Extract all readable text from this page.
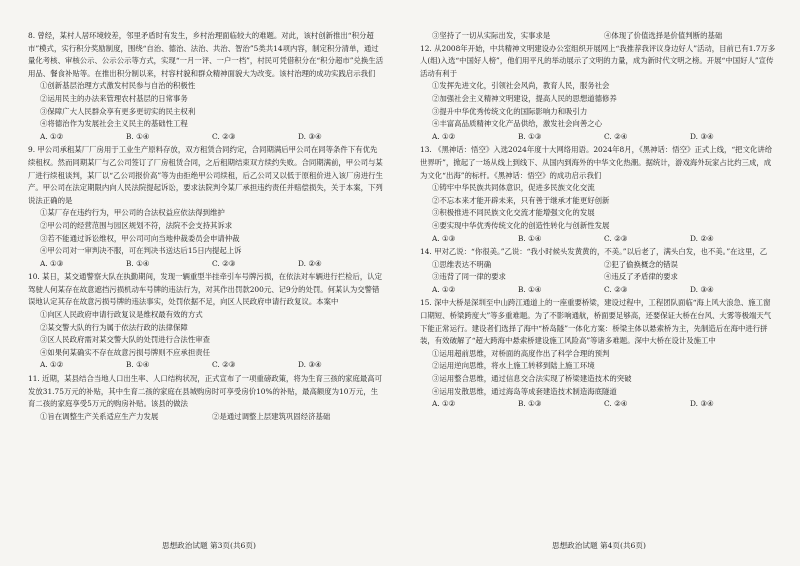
8. 曾经，某村人居环境较差，邻里矛盾时有发生，乡村治理面临较大的难题。对此，该村创新推出“积分超市”模式，实行积分奖励制度，围绕“自治、德治、法治、共治、智治”5类共14项内容，制定积分清单，通过量化考核、审核公示、公示公示等方式，实现“一月一评、一户一档”，村民可凭借积分在“积分超市”兑换生活用品、餐食补贴等。在推出积分制以来，村容村貌和群众精神面貌大为改变。该村治理的成功实践启示我们
①创新基层治理方式激发村民参与自治的积极性
②运用民主的办法来管理农村基层的日常事务
③保障广大人民群众享有更多更切实的民主权利
④将德治作为发展社会主义民主的基础性工程
A. ①②	B. ①④	C. ②③	D. ③④
9. 甲公司承租某厂厂房用于工业生产原料存放，双方租赁合同约定，合同期满后甲公司在同等条件下有优先续租权。然而同期某厂与乙公司签订了厂房租赁合同，之后租期结束双方续约失败。合同期满前，甲公司与某厂进行续租谈判，某厂以“乙公司报价高”等为由拒绝甲公司续租，后乙公司又以低于原租价进入该厂房进行生产。甲公司在法定期限内向人民法院提起诉讼，要求法院判令某厂承担违约责任并赔偿损失，关于本案，下列说法正确的是
①某厂存在违约行为，甲公司的合法权益应依法得到维护
②甲公司的经营范围与园区规划不符，法院不会支持其诉求
③若不能通过诉讼维权，甲公司可向当地仲裁委员会申请仲裁
④甲公司对一审判决不服，可在判决书送达后15日内提起上诉
A. ①③	B. ①④	C. ②③	D. ②④
10. 某日，某交通警察大队在执勤期间，发现一辆重型半挂牵引车号牌污损，在依法对车辆进行拦检后，认定驾驶人何某存在故意遮挡污损机动车号牌的违法行为，对其作出罚款200元、记9分的处罚。何某认为交警错误地认定其存在故意污损号牌的违法事实，处罚依据不足，向区人民政府申请行政复议。本案中
①向区人民政府申请行政复议是维权最有效的方式
②某交警大队的行为属于依法行政的法律保障
③区人民政府需对某交警大队的处罚进行合法性审查
④如果何某确实不存在故意污损号牌则不应承担责任
A. ①②	B. ①④	C. ②③	D. ③④
11. 近期，某县结合当地人口出生率、人口结构状况，正式宣布了一项重磅政策，将为生育三孩的家庭最高可发放31.75万元的补贴，其中生育二孩的家庭在县城购房时可享受房价10%的补贴，最高额度为10万元，生育二孩的家庭享受5万元的购房补贴。该县的做法
①旨在调整生产关系适应生产力发展	②是通过调整上层建筑巩固经济基础
③坚持了一切从实际出发，实事求是	④体现了价值选择是价值判断的基础
12. 从2008年开始，中共精神文明建设办公室组织开展网上“我推荐我评议身边好人”活动，目前已有1.7万多人(组)入选“中国好人榜”，他们用平凡的举动展示了文明的力量，成为新时代文明之榜。开展“中国好人”宣传活动有利于
①发挥先进文化，引领社会风尚，教育人民，服务社会
②加强社会主义精神文明建设，提高人民的思想道德修养
③提升中华优秀传统文化的国际影响力和吸引力
④丰富高品质精神文化产品供给，激发社会向善之心
A. ①②	B. ①③	C. ②④	D. ③④
13. 《黑神话：悟空》入选2024年度十大网络用语。2024年8月，《黑神话：悟空》正式上线，“把文化讲给世界听”，掀起了一场从线上到线下、从国内到海外的中华文化热潮。据统计，游戏海外玩家占比约三成，成为文化“出海”的标杆。《黑神话：悟空》的成功启示我们
①铸牢中华民族共同体意识，促进多民族文化交流
②不忘本来才能开辟未来，只有善于继承才能更好创新
③积极推进不同民族文化交流才能增强文化的发展
④要实现中华优秀传统文化的创造性转化与创新性发展
A. ①③	B. ①④	C. ②③	D. ②④
14. 甲对乙说：“你很美。”乙说：“我小时候头发黄黄的，不美。”以后老了，满头白发，也不美。”在这里，乙
①思维表达不明确	②犯了偷换概念的错误
③违背了同一律的要求	④违反了矛盾律的要求
A. ①②	B. ①④	C. ②③	D. ③④
15. 深中大桥是深圳至中山跨江通道上的一座重要桥梁，建设过程中，工程团队面临“海上风大浪急、施工窗口期短、桥梁跨度大”等多重难题。为了不影响通航，桥面要足够高，还要保证大桥在台风、大雾等极端天气下能正常运行。建设者们选择了海中“桥岛隧”一体化方案：桥梁主体以悬索桥为主，先制造后在海中进行拼装，有效破解了“超大跨海中悬索桥建设施工风险高”等诸多难题。深中大桥在设计及施工中
①运用超前思维，对桥面的高度作出了科学合理的预判
②运用逆向思维，将水上施工转移到陆上施工环境
③运用整合思维，通过信息交合法实现了桥梁建造技术的突破
④运用发散思维，通过海岛等成套建造技术制造海底隧道
A. ①②	B. ①③	C. ②④	D. ③④
思想政治试题 第3页(共6页)	思想政治试题 第4页(共6页)
